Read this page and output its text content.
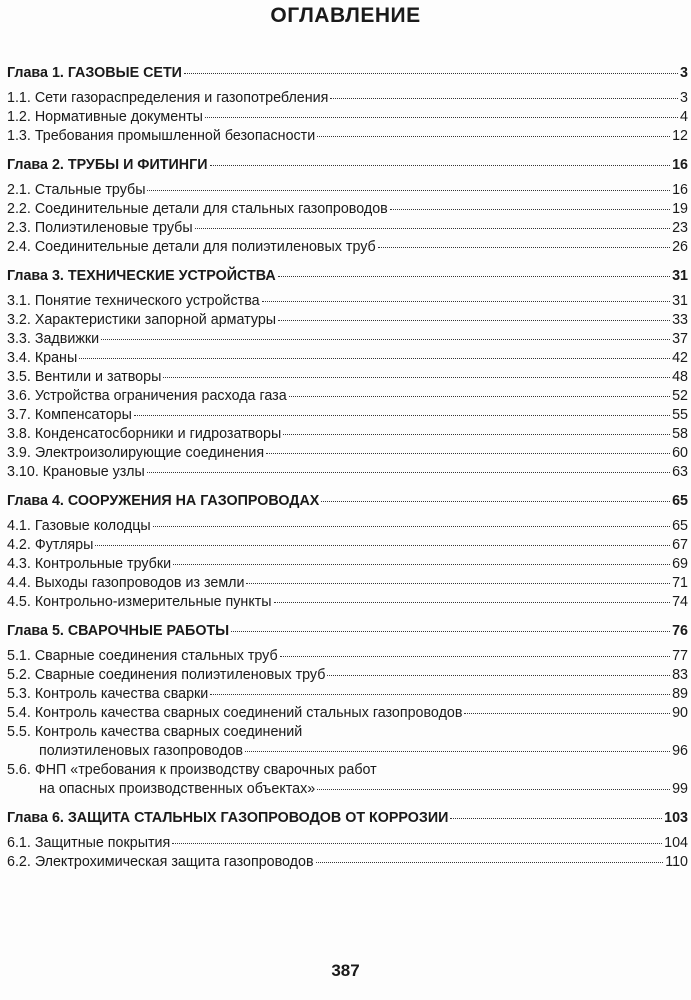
ОГЛАВЛЕНИЕ
Глава 1. ГАЗОВЫЕ СЕТИ	3
1.1. Сети газораспределения и газопотребления	3
1.2. Нормативные документы	4
1.3. Требования промышленной безопасности	12
Глава 2. ТРУБЫ И ФИТИНГИ	16
2.1. Стальные трубы	16
2.2. Соединительные детали для стальных газопроводов	19
2.3. Полиэтиленовые трубы	23
2.4. Соединительные детали для полиэтиленовых труб	26
Глава 3. ТЕХНИЧЕСКИЕ УСТРОЙСТВА	31
3.1. Понятие технического устройства	31
3.2. Характеристики запорной арматуры	33
3.3. Задвижки	37
3.4. Краны	42
3.5. Вентили и затворы	48
3.6. Устройства ограничения расхода газа	52
3.7. Компенсаторы	55
3.8. Конденсатосборники и гидрозатворы	58
3.9. Электроизолирующие соединения	60
3.10. Крановые узлы	63
Глава 4. СООРУЖЕНИЯ НА ГАЗОПРОВОДАХ	65
4.1. Газовые колодцы	65
4.2. Футляры	67
4.3. Контрольные трубки	69
4.4. Выходы газопроводов из земли	71
4.5. Контрольно-измерительные пункты	74
Глава 5. СВАРОЧНЫЕ РАБОТЫ	76
5.1. Сварные соединения стальных труб	77
5.2. Сварные соединения полиэтиленовых труб	83
5.3. Контроль качества сварки	89
5.4. Контроль качества сварных соединений стальных газопроводов	90
5.5. Контроль качества сварных соединений
полиэтиленовых газопроводов	96
5.6. ФНП «требования к производству сварочных работ
на опасных производственных объектах»	99
Глава 6. ЗАЩИТА СТАЛЬНЫХ ГАЗОПРОВОДОВ ОТ КОРРОЗИИ	103
6.1. Защитные покрытия	104
6.2. Электрохимическая защита газопроводов	110
387
